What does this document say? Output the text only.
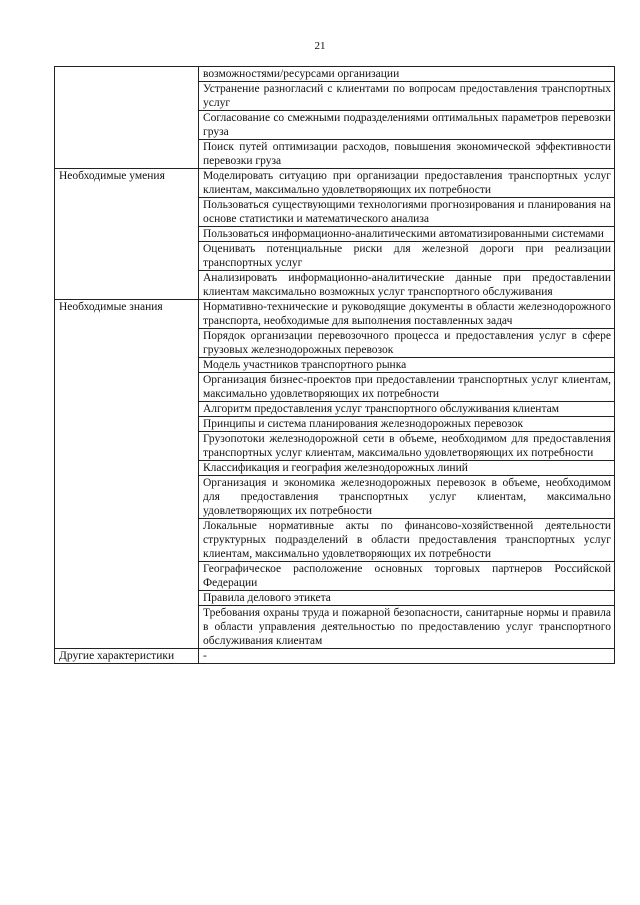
21
	возможностями/ресурсами организации
	Устранение разногласий с клиентами по вопросам предоставления транспортных услуг
	Согласование со смежными подразделениями оптимальных параметров перевозки груза
	Поиск путей оптимизации расходов, повышения экономической эффективности перевозки груза
Необходимые умения	Моделировать ситуацию при организации предоставления транспортных услуг клиентам, максимально удовлетворяющих их потребности
	Пользоваться существующими технологиями прогнозирования и планирования на основе статистики и математического анализа
	Пользоваться информационно-аналитическими автоматизированными системами
	Оценивать потенциальные риски для железной дороги при реализации транспортных услуг
	Анализировать информационно-аналитические данные при предоставлении клиентам максимально возможных услуг транспортного обслуживания
Необходимые знания	Нормативно-технические и руководящие документы в области железнодорожного транспорта, необходимые для выполнения поставленных задач
	Порядок организации перевозочного процесса и предоставления услуг в сфере грузовых железнодорожных перевозок
	Модель участников транспортного рынка
	Организация бизнес-проектов при предоставлении транспортных услуг клиентам, максимально удовлетворяющих их потребности
	Алгоритм предоставления услуг транспортного обслуживания клиентам
	Принципы и система планирования железнодорожных перевозок
	Грузопотоки железнодорожной сети в объеме, необходимом для предоставления транспортных услуг клиентам, максимально удовлетворяющих их потребности
	Классификация и география железнодорожных линий
	Организация и экономика железнодорожных перевозок в объеме, необходимом для предоставления транспортных услуг клиентам, максимально удовлетворяющих их потребности
	Локальные нормативные акты по финансово-хозяйственной деятельности структурных подразделений в области предоставления транспортных услуг клиентам, максимально удовлетворяющих их потребности
	Географическое расположение основных торговых партнеров Российской Федерации
	Правила делового этикета
	Требования охраны труда и пожарной безопасности, санитарные нормы и правила в области управления деятельностью по предоставлению услуг транспортного обслуживания клиентам
Другие характеристики	-
